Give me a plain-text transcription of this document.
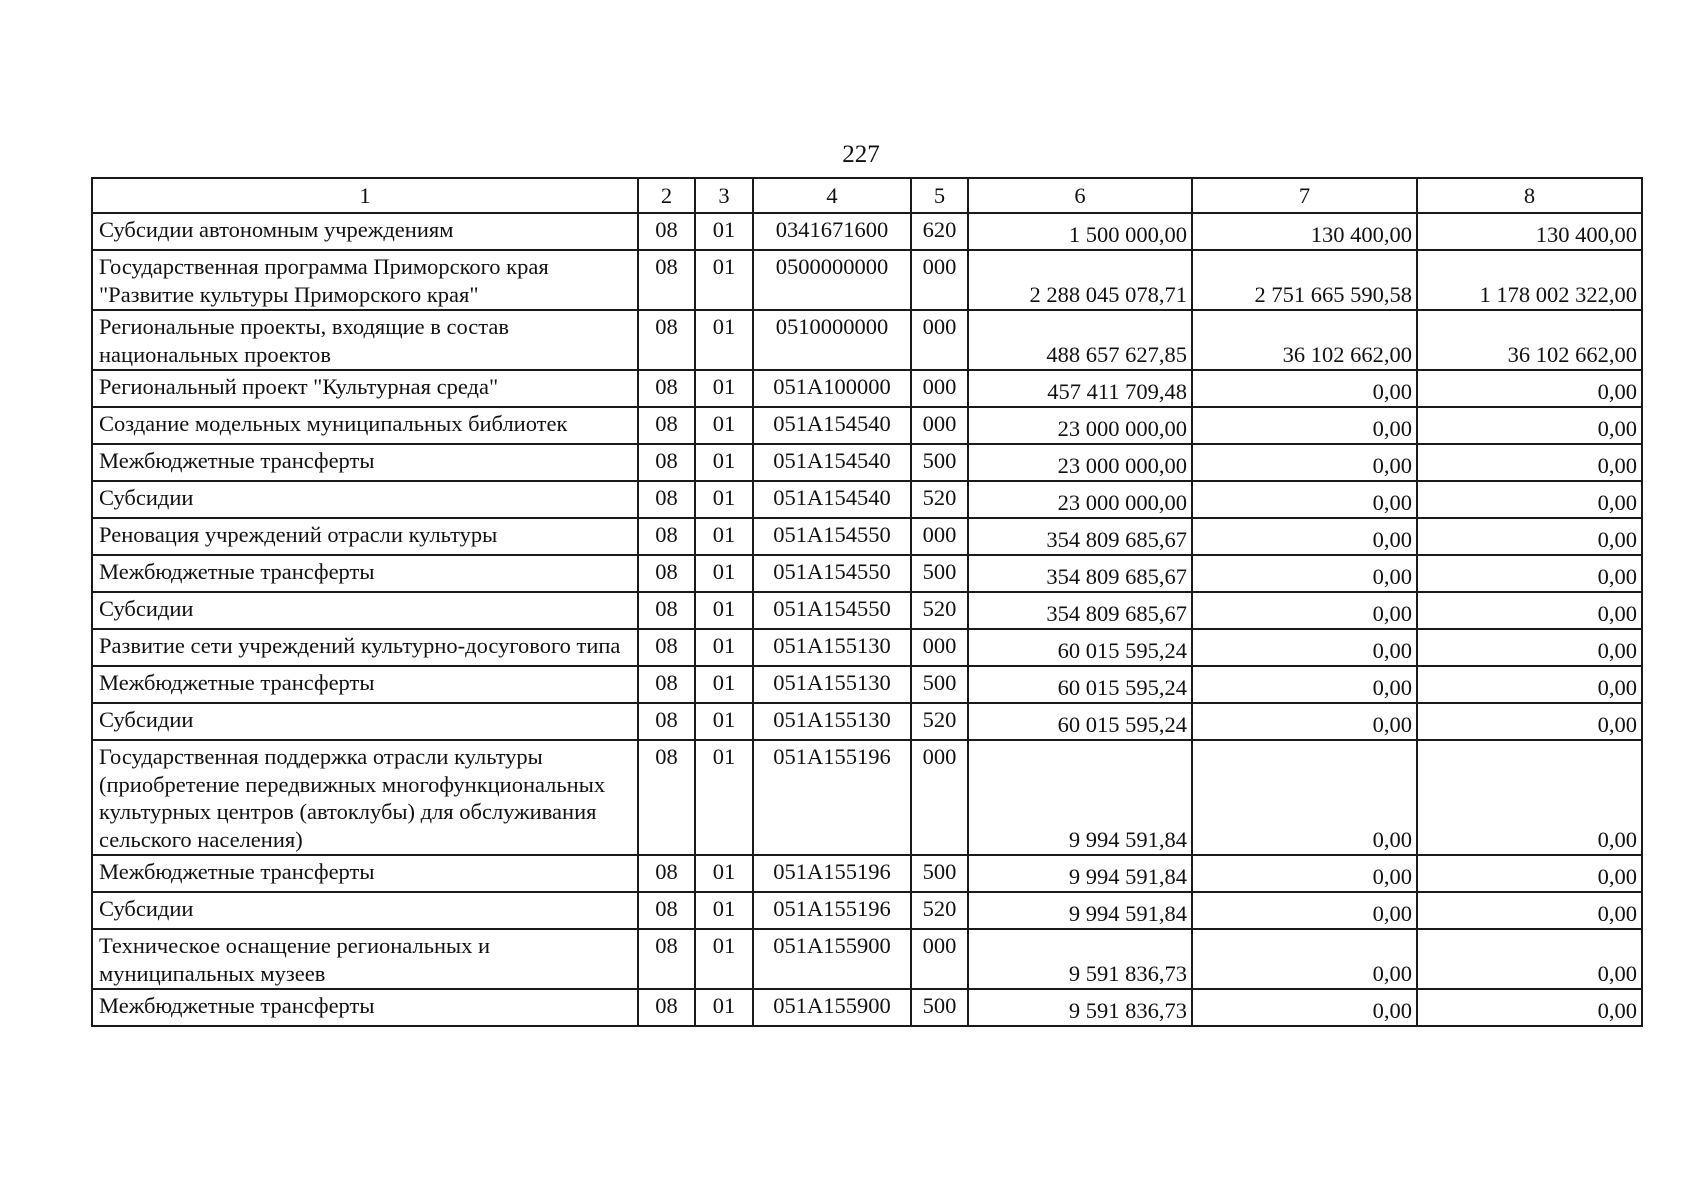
227
1	2	3	4	5	6	7	8
Субсидии автономным учреждениям	08	01	0341671600	620	1 500 000,00	130 400,00	130 400,00
Государственная программа Приморского края "Развитие культуры Приморского края"	08	01	0500000000	000	2 288 045 078,71	2 751 665 590,58	1 178 002 322,00
Региональные проекты, входящие в состав национальных проектов	08	01	0510000000	000	488 657 627,85	36 102 662,00	36 102 662,00
Региональный проект "Культурная среда"	08	01	051A100000	000	457 411 709,48	0,00	0,00
Создание модельных муниципальных библиотек	08	01	051A154540	000	23 000 000,00	0,00	0,00
Межбюджетные трансферты	08	01	051A154540	500	23 000 000,00	0,00	0,00
Субсидии	08	01	051A154540	520	23 000 000,00	0,00	0,00
Реновация учреждений отрасли культуры	08	01	051A154550	000	354 809 685,67	0,00	0,00
Межбюджетные трансферты	08	01	051A154550	500	354 809 685,67	0,00	0,00
Субсидии	08	01	051A154550	520	354 809 685,67	0,00	0,00
Развитие сети учреждений культурно-досугового типа	08	01	051A155130	000	60 015 595,24	0,00	0,00
Межбюджетные трансферты	08	01	051A155130	500	60 015 595,24	0,00	0,00
Субсидии	08	01	051A155130	520	60 015 595,24	0,00	0,00
Государственная поддержка отрасли культуры (приобретение передвижных многофункциональных культурных центров (автоклубы) для обслуживания сельского населения)	08	01	051A155196	000	9 994 591,84	0,00	0,00
Межбюджетные трансферты	08	01	051A155196	500	9 994 591,84	0,00	0,00
Субсидии	08	01	051A155196	520	9 994 591,84	0,00	0,00
Техническое оснащение региональных и муниципальных музеев	08	01	051A155900	000	9 591 836,73	0,00	0,00
Межбюджетные трансферты	08	01	051A155900	500	9 591 836,73	0,00	0,00
